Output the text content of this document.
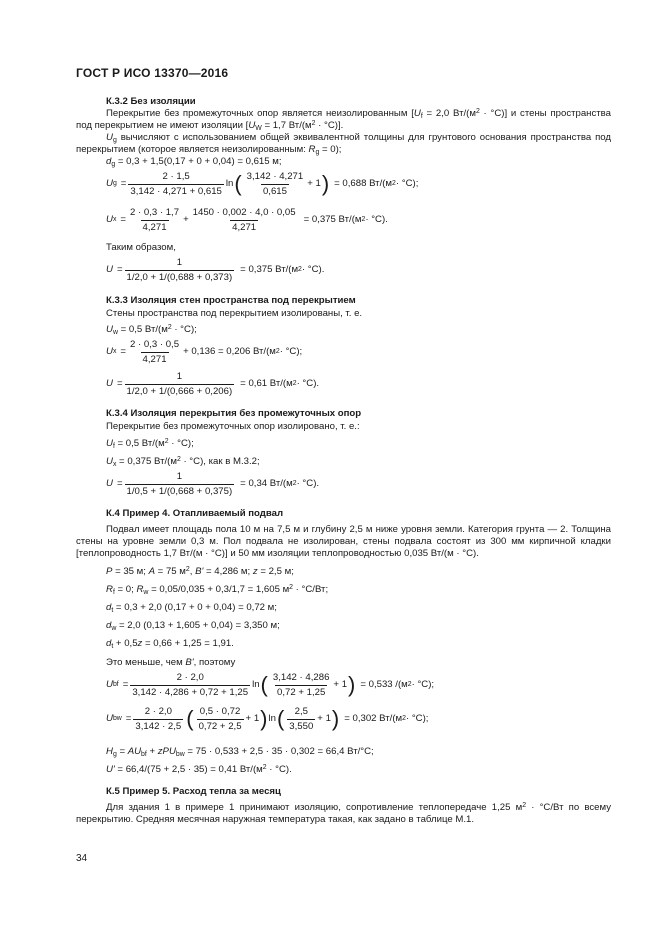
ГОСТ Р ИСО 13370—2016
К.3.2 Без изоляции
Перекрытие без промежуточных опор является неизолированным [$U_f = 2,0$ $Вт/(м^2 \cdot ^\circ С)$] и стены пространства под перекрытием не имеют изоляции [$U_W = 1,7$ $Вт/(м^2 \cdot ^\circ С)$].
$U_g$ вычисляют с использованием общей эквивалентной толщины для грунтового основания пространства под перекрытием (которое является неизолированным: $R_g = 0$);
$d_g = 0,3 + 1,5(0,17 + 0 + 0,04) = 0,615$ м;
U $g = \frac{2 \cdot 1,5}{3,142 \cdot 4,271 + 0,615}$ ln ( $\frac{3,142 \cdot 4,271}{0,615} + 1$ ) = 0,688 Вт/(м 2 · °С);
U $x = \frac{2 \cdot 0,3 \cdot 1,7}{4,271} + \frac{1450 \cdot 0,002 \cdot 4,0 \cdot 0,05}{4,271} = 0,375$ Вт/(м 2 · °С).
Таким образом,
$U = \frac{1}{1/2,0 + 1/(0,688 + 0,373)} = 0,375$ Вт/(м 2 · °С).
К.3.3 Изоляция стен пространства под перекрытием
Стены пространства под перекрытием изолированы, т. е.
$U_w = 0,5$ $Вт/(м^2 \cdot ^\circ С)$;
U $x = \frac{2 \cdot 0,3 \cdot 0,5}{4,271} + 0,136 = 0,206$ Вт/(м 2 · °С);
$U = \frac{1}{1/2,0 + 1/(0,666 + 0,206)} = 0,61$ Вт/(м 2 · °С).
К.3.4 Изоляция перекрытия без промежуточных опор
Перекрытие без промежуточных опор изолировано, т. е.:
$U_f = 0,5$ $Вт/(м^2 \cdot ^\circ С)$;
$U_x = 0,375$ $Вт/(м^2 \cdot ^\circ С)$, как в М.3.2;
$U = \frac{1}{1/0,5 + 1/(0,668 + 0,375)} = 0,34$ Вт/(м 2 · °С).
К.4 Пример 4. Отапливаемый подвал
Подвал имеет площадь пола 10 м на 7,5 м и глубину 2,5 м ниже уровня земли. Категория грунта — 2. Толщина стены на уровне земли 0,3 м. Пол подвала не изолирован, стены подвала состоят из 300 мм кирпичной кладки [теплопроводность 1,7 Вт/(м · °С)] и 50 мм изоляции теплопроводностью 0,035 Вт/(м · °С).
P = 35 м; A = 75 $м^2$, B' = 4,286 м; z = 2,5 м;
$R_f = 0$; $R_w = 0,05/0,035 + 0,3/1,7 = 1,605$ $м^2 \cdot ^\circ С/Вт$;
$d_t = 0,3 + 2,0$ (0,17 + 0 + 0,04) = 0,72 м;
$d_w = 2,0$ (0,13 + 1,605 + 0,04) = 3,350 м;
$d_t + 0,5z = 0,66 + 1,25 = 1,91$.
Это меньше, чем B', поэтому
U bf = $\frac{2 \cdot 2,0}{3,142 \cdot 4,286 + 0,72 + 1,25}$ ln ( $\frac{3,142 \cdot 4,286}{0,72 + 1,25} + 1$ ) = 0,533 /(м 2 · °С);
U bw = $\frac{2 \cdot 2,0}{3,142 \cdot 2,5}$ ( $\frac{0,5 \cdot 0,72}{0,72 + 2,5} + 1$ ) ln ( $\frac{2,5}{3,550} + 1$ ) = 0,302 Вт/(м 2 · °С);
$H_g = AU_{bf} + zPU_{bw} = 75 \cdot 0,533 + 2,5 \cdot 35 \cdot 0,302 = 66,4$ Вт/°С;
U' = 66,4/(75 + 2,5 · 35) = 0,41 $Вт/(м^2 \cdot ^\circ С)$.
К.5 Пример 5. Расход тепла за месяц
Для здания 1 в примере 1 принимают изоляцию, сопротивление теплопередаче 1,25 $м^2 \cdot ^\circ С/Вт$ по всему перекрытию. Средняя месячная наружная температура такая, как задано в таблице М.1.
34
